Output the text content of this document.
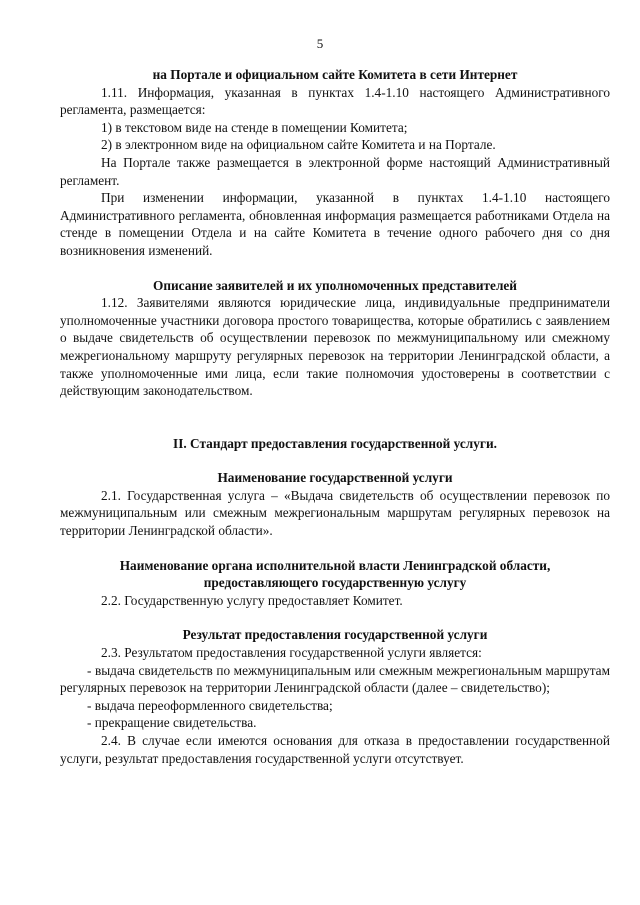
5

на Портале и официальном сайте Комитета в сети Интернет

1.11. Информация, указанная в пунктах 1.4-1.10 настоящего Административного регламента, размещается:

1) в текстовом виде на стенде в помещении Комитета;

2) в электронном виде на официальном сайте Комитета и на Портале.

На Портале также размещается в электронной форме настоящий Административный регламент.

При изменении информации, указанной в пунктах 1.4-1.10 настоящего Административного регламента, обновленная информация размещается работниками Отдела на стенде в помещении Отдела и на сайте Комитета в течение одного рабочего дня со дня возникновения изменений.

Описание заявителей и их уполномоченных представителей

1.12. Заявителями являются юридические лица, индивидуальные предприниматели уполномоченные участники договора простого товарищества, которые обратились с заявлением о выдаче свидетельств об осуществлении перевозок по межмуниципальному или смежному межрегиональному маршруту регулярных перевозок на территории Ленинградской области, а также уполномоченные ими лица, если такие полномочия удостоверены в соответствии с действующим законодательством.

II. Стандарт предоставления государственной услуги.

Наименование государственной услуги

2.1. Государственная услуга – «Выдача свидетельств об осуществлении перевозок по межмуниципальным или смежным межрегиональным маршрутам регулярных перевозок на территории Ленинградской области».

Наименование органа исполнительной власти Ленинградской области,

предоставляющего государственную услугу

2.2. Государственную услугу предоставляет Комитет.

Результат предоставления государственной услуги

2.3. Результатом предоставления государственной услуги является:

- выдача свидетельств по межмуниципальным или смежным межрегиональным маршрутам регулярных перевозок на территории Ленинградской области (далее – свидетельство);

- выдача переоформленного свидетельства;

- прекращение свидетельства.

2.4. В случае если имеются основания для отказа в предоставлении государственной услуги, результат предоставления государственной услуги отсутствует.
